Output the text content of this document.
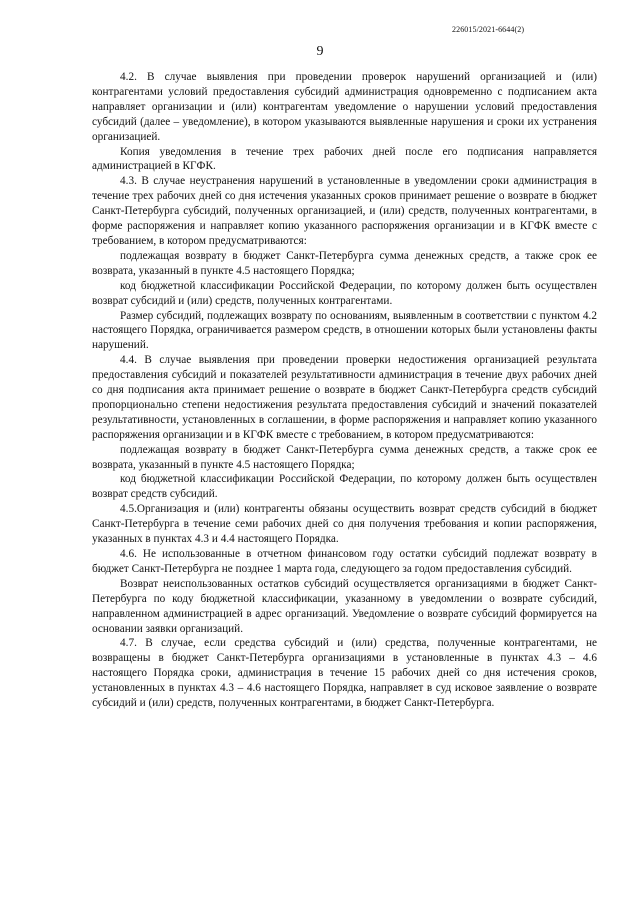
226015/2021-6644(2)
9

4.2. В случае выявления при проведении проверок нарушений организацией и (или) контрагентами условий предоставления субсидий администрация одновременно с подписанием акта направляет организации и (или) контрагентам уведомление о нарушении условий предоставления субсидий (далее – уведомление), в котором указываются выявленные нарушения и сроки их устранения организацией.

Копия уведомления в течение трех рабочих дней после его подписания направляется администрацией в КГФК.

4.3. В случае неустранения нарушений в установленные в уведомлении сроки администрация в течение трех рабочих дней со дня истечения указанных сроков принимает решение о возврате в бюджет Санкт-Петербурга субсидий, полученных организацией, и (или) средств, полученных контрагентами, в форме распоряжения и направляет копию указанного распоряжения организации и в КГФК вместе с требованием, в котором предусматриваются:

подлежащая возврату в бюджет Санкт-Петербурга сумма денежных средств, а также срок ее возврата, указанный в пункте 4.5 настоящего Порядка;

код бюджетной классификации Российской Федерации, по которому должен быть осуществлен возврат субсидий и (или) средств, полученных контрагентами.

Размер субсидий, подлежащих возврату по основаниям, выявленным в соответствии с пунктом 4.2 настоящего Порядка, ограничивается размером средств, в отношении которых были установлены факты нарушений.

4.4. В случае выявления при проведении проверки недостижения организацией результата предоставления субсидий и показателей результативности администрация в течение двух рабочих дней со дня подписания акта принимает решение о возврате в бюджет Санкт-Петербурга средств субсидий пропорционально степени недостижения результата предоставления субсидий и значений показателей результативности, установленных в соглашении, в форме распоряжения и направляет копию указанного распоряжения организации и в КГФК вместе с требованием, в котором предусматриваются:

подлежащая возврату в бюджет Санкт-Петербурга сумма денежных средств, а также срок ее возврата, указанный в пункте 4.5 настоящего Порядка;

код бюджетной классификации Российской Федерации, по которому должен быть осуществлен возврат средств субсидий.

4.5.Организация и (или) контрагенты обязаны осуществить возврат средств субсидий в бюджет Санкт-Петербурга в течение семи рабочих дней со дня получения требования и копии распоряжения, указанных в пунктах 4.3 и 4.4 настоящего Порядка.

4.6. Не использованные в отчетном финансовом году остатки субсидий подлежат возврату в бюджет Санкт-Петербурга не позднее 1 марта года, следующего за годом предоставления субсидий.

Возврат неиспользованных остатков субсидий осуществляется организациями в бюджет Санкт-Петербурга по коду бюджетной классификации, указанному в уведомлении о возврате субсидий, направленном администрацией в адрес организаций. Уведомление о возврате субсидий формируется на основании заявки организаций.

4.7. В случае, если средства субсидий и (или) средства, полученные контрагентами, не возвращены в бюджет Санкт-Петербурга организациями в установленные в пунктах 4.3 – 4.6 настоящего Порядка сроки, администрация в течение 15 рабочих дней со дня истечения сроков, установленных в пунктах 4.3 – 4.6 настоящего Порядка, направляет в суд исковое заявление о возврате субсидий и (или) средств, полученных контрагентами, в бюджет Санкт-Петербурга.
